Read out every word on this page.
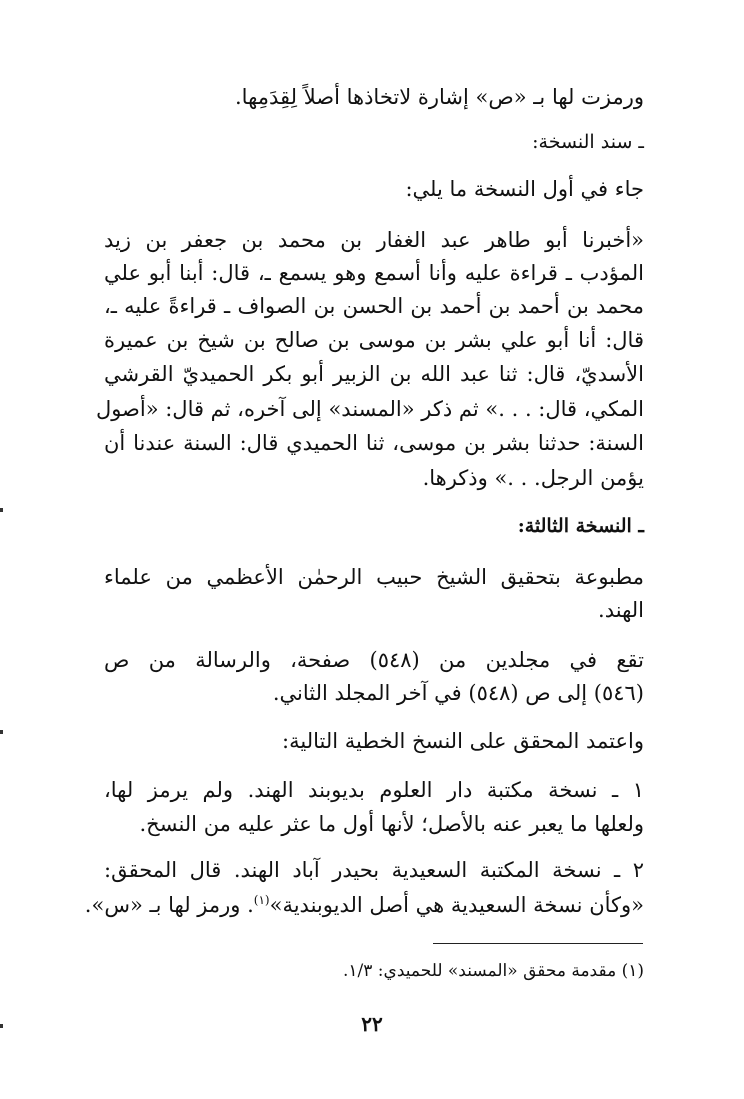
ورمزت لها بـ «ص» إشارة لاتخاذها أصلاً لِقِدَمِها.
ـ سند النسخة:
جاء في أول النسخة ما يلي:
«أخبرنا أبو طاهر عبد الغفار بن محمد بن جعفر بن زيد
المؤدب ـ قراءة عليه وأنا أسمع وهو يسمع ـ، قال: أبنا أبو علي
محمد بن أحمد بن أحمد بن الحسن بن الصواف ـ قراءةً عليه ـ،
قال: أنا أبو علي بشر بن موسى بن صالح بن شيخ بن عميرة
الأسديّ، قال: ثنا عبد الله بن الزبير أبو بكر الحميديّ القرشي
المكي، قال: . . .» ثم ذكر «المسند» إلى آخره، ثم قال: «أصول
السنة: حدثنا بشر بن موسى، ثنا الحميدي قال: السنة عندنا أن
يؤمن الرجل. . .» وذكرها.
ـ النسخة الثالثة:
مطبوعة بتحقيق الشيخ حبيب الرحمٰن الأعظمي من علماء
الهند.
تقع في مجلدين من (٥٤٨) صفحة، والرسالة من ص
(٥٤٦) إلى ص (٥٤٨) في آخر المجلد الثاني.
واعتمد المحقق على النسخ الخطية التالية:
١ ـ نسخة مكتبة دار العلوم بديوبند الهند. ولم يرمز لها،
ولعلها ما يعبر عنه بالأصل؛ لأنها أول ما عثر عليه من النسخ.
٢ ـ نسخة المكتبة السعيدية بحيدر آباد الهند. قال المحقق:
«وكأن نسخة السعيدية هي أصل الديوبندية»$^{(١)}$. ورمز لها بـ «س».
(١) مقدمة محقق «المسند» للحميدي: ١/٣.
٢٢
